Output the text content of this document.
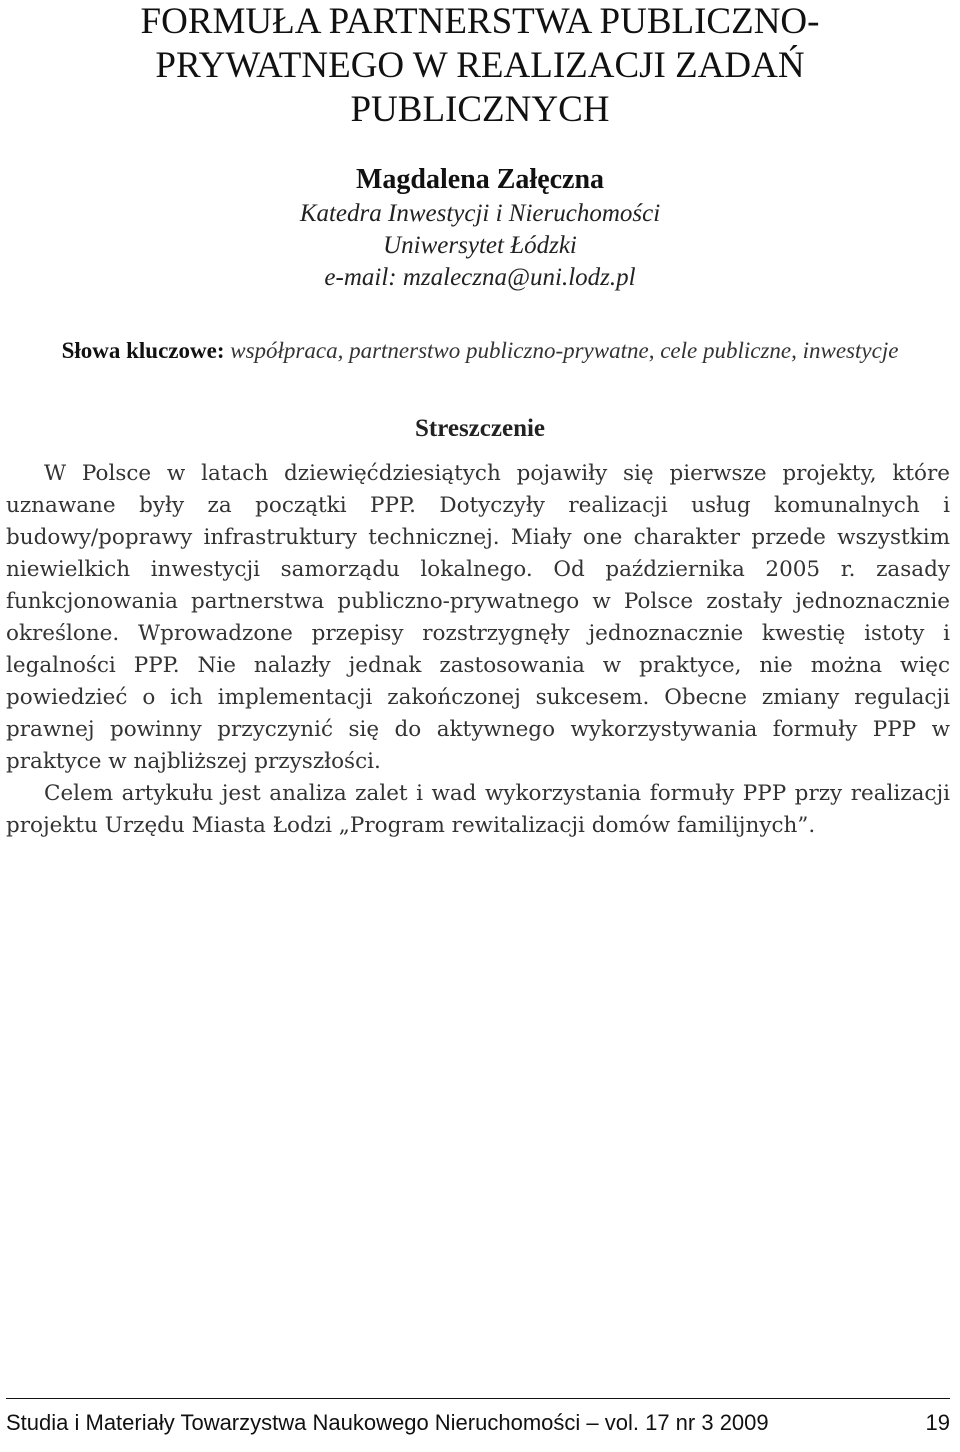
FORMUŁA PARTNERSTWA PUBLICZNO-
PRYWATNEGO W REALIZACJI ZADAŃ
PUBLICZNYCH
Magdalena Załęczna
Katedra Inwestycji i Nieruchomości
Uniwersytet Łódzki
e-mail: mzaleczna@uni.lodz.pl
Słowa kluczowe: współpraca, partnerstwo publiczno-prywatne, cele publiczne, inwestycje
Streszczenie

W Polsce w latach dziewięćdziesiątych pojawiły się pierwsze projekty, które uznawane były za początki PPP. Dotyczyły realizacji usług komunalnych i budowy/poprawy infrastruktury technicznej. Miały one charakter przede wszystkim niewielkich inwestycji samorządu lokalnego. Od października 2005 r. zasady funkcjonowania partnerstwa publiczno-prywatnego w Polsce zostały jednoznacznie określone. Wprowadzone przepisy rozstrzygnęły jednoznacznie kwestię istoty i legalności PPP. Nie nalazły jednak zastosowania w praktyce, nie można więc powiedzieć o ich implementacji zakończonej sukcesem. Obecne zmiany regulacji prawnej powinny przyczynić się do aktywnego wykorzystywania formuły PPP w praktyce w najbliższej przyszłości.

Celem artykułu jest analiza zalet i wad wykorzystania formuły PPP przy realizacji projektu Urzędu Miasta Łodzi „Program rewitalizacji domów familijnych”.

Studia i Materiały Towarzystwa Naukowego Nieruchomości – vol. 17 nr 3 2009	19
